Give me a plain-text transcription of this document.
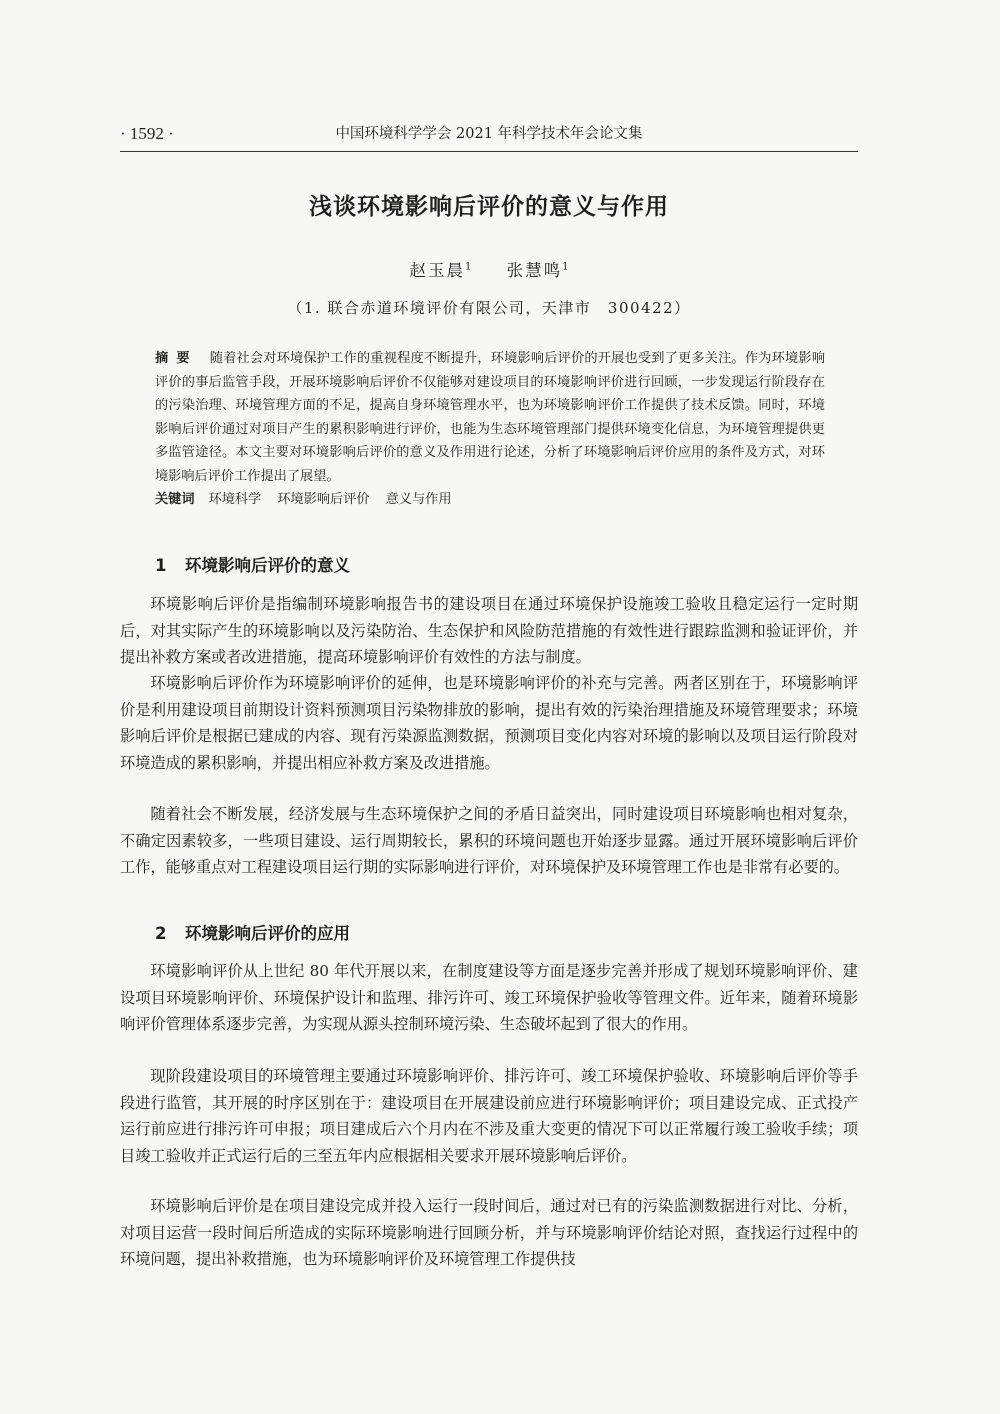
· 1592 ·	中国环境科学学会 2021 年科学技术年会论文集
浅谈环境影响后评价的意义与作用
赵玉晨$^1$ 张慧鸣$^1$
（1. 联合赤道环境评价有限公司，天津市　300422）
摘要 随着社会对环境保护工作的重视程度不断提升，环境影响后评价的开展也受到了更多关注。作为环境影响评价的事后监管手段，开展环境影响后评价不仅能够对建设项目的环境影响评价进行回顾，一步发现运行阶段存在的污染治理、环境管理方面的不足，提高自身环境管理水平，也为环境影响评价工作提供了技术反馈。同时，环境影响后评价通过对项目产生的累积影响进行评价，也能为生态环境管理部门提供环境变化信息，为环境管理提供更多监管途径。本文主要对环境影响后评价的意义及作用进行论述，分析了环境影响后评价应用的条件及方式，对环境影响后评价工作提出了展望。
关键词 环境科学 环境影响后评价 意义与作用
1 环境影响后评价的意义

环境影响后评价是指编制环境影响报告书的建设项目在通过环境保护设施竣工验收且稳定运行一定时期后，对其实际产生的环境影响以及污染防治、生态保护和风险防范措施的有效性进行跟踪监测和验证评价，并提出补救方案或者改进措施，提高环境影响评价有效性的方法与制度。

环境影响后评价作为环境影响评价的延伸，也是环境影响评价的补充与完善。两者区别在于，环境影响评价是利用建设项目前期设计资料预测项目污染物排放的影响，提出有效的污染治理措施及环境管理要求；环境影响后评价是根据已建成的内容、现有污染源监测数据，预测项目变化内容对环境的影响以及项目运行阶段对环境造成的累积影响，并提出相应补救方案及改进措施。

随着社会不断发展，经济发展与生态环境保护之间的矛盾日益突出，同时建设项目环境影响也相对复杂，不确定因素较多，一些项目建设、运行周期较长，累积的环境问题也开始逐步显露。通过开展环境影响后评价工作，能够重点对工程建设项目运行期的实际影响进行评价，对环境保护及环境管理工作也是非常有必要的。

2 环境影响后评价的应用

环境影响评价从上世纪 80 年代开展以来，在制度建设等方面是逐步完善并形成了规划环境影响评价、建设项目环境影响评价、环境保护设计和监理、排污许可、竣工环境保护验收等管理文件。近年来，随着环境影响评价管理体系逐步完善，为实现从源头控制环境污染、生态破坏起到了很大的作用。

现阶段建设项目的环境管理主要通过环境影响评价、排污许可、竣工环境保护验收、环境影响后评价等手段进行监管，其开展的时序区别在于：建设项目在开展建设前应进行环境影响评价；项目建设完成、正式投产运行前应进行排污许可申报；项目建成后六个月内在不涉及重大变更的情况下可以正常履行竣工验收手续；项目竣工验收并正式运行后的三至五年内应根据相关要求开展环境影响后评价。

环境影响后评价是在项目建设完成并投入运行一段时间后，通过对已有的污染监测数据进行对比、分析，对项目运营一段时间后所造成的实际环境影响进行回顾分析，并与环境影响评价结论对照，查找运行过程中的环境问题，提出补救措施，也为环境影响评价及环境管理工作提供技
